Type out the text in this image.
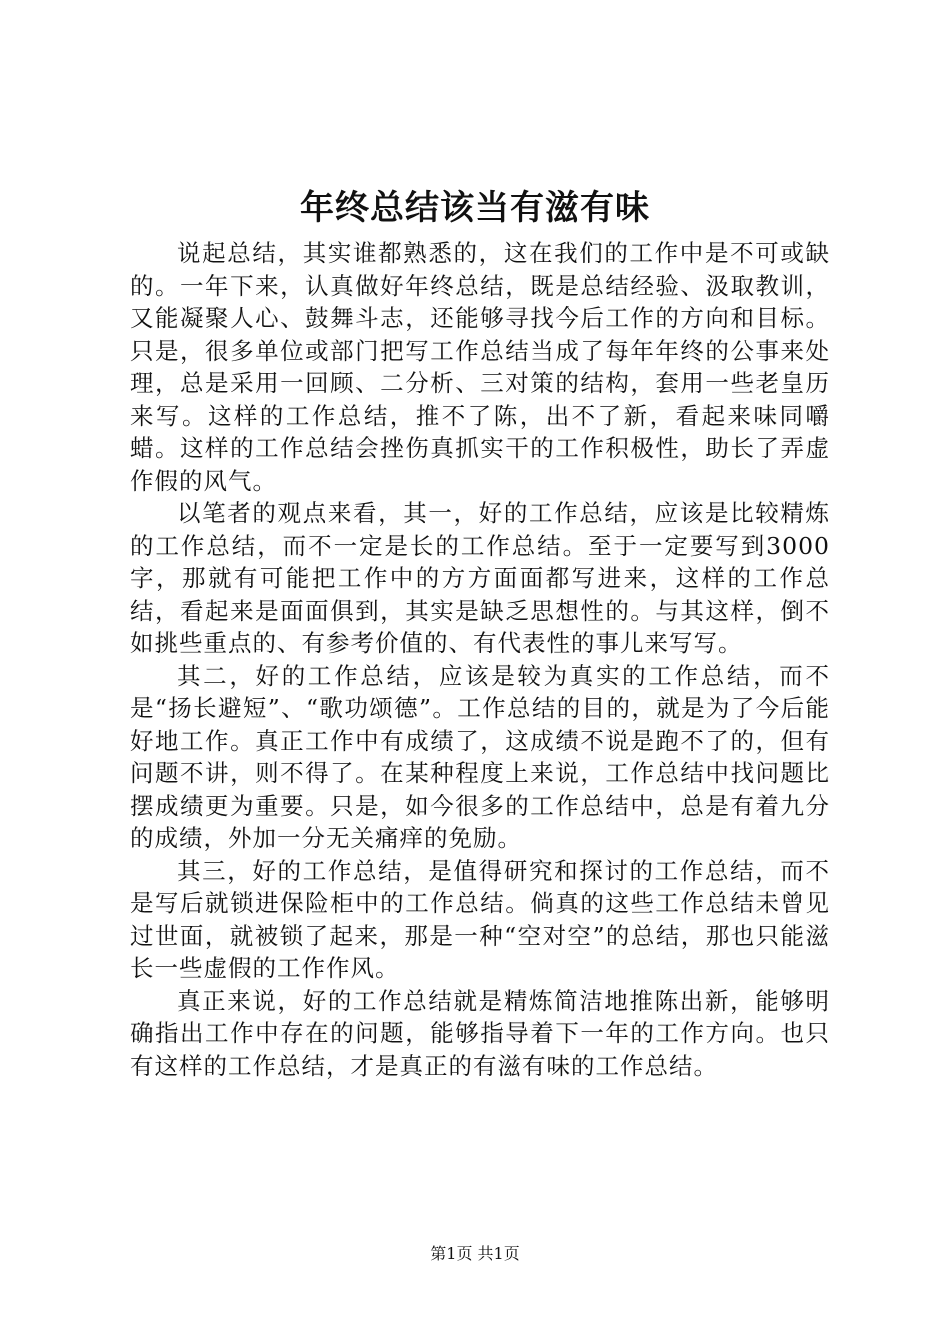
年终总结该当有滋有味

说起总结，其实谁都熟悉的，这在我们的工作中是不可或缺的。一年下来，认真做好年终总结，既是总结经验、汲取教训，又能凝聚人心、鼓舞斗志，还能够寻找今后工作的方向和目标。只是，很多单位或部门把写工作总结当成了每年年终的公事来处理，总是采用一回顾、二分析、三对策的结构，套用一些老皇历来写。这样的工作总结，推不了陈，出不了新，看起来味同嚼蜡。这样的工作总结会挫伤真抓实干的工作积极性，助长了弄虚作假的风气。

以笔者的观点来看，其一，好的工作总结，应该是比较精炼的工作总结，而不一定是长的工作总结。至于一定要写到3000字，那就有可能把工作中的方方面面都写进来，这样的工作总结，看起来是面面俱到，其实是缺乏思想性的。与其这样，倒不如挑些重点的、有参考价值的、有代表性的事儿来写写。

其二，好的工作总结，应该是较为真实的工作总结，而不是“扬长避短”、“歌功颂德”。工作总结的目的，就是为了今后能好地工作。真正工作中有成绩了，这成绩不说是跑不了的，但有问题不讲，则不得了。在某种程度上来说，工作总结中找问题比摆成绩更为重要。只是，如今很多的工作总结中，总是有着九分的成绩，外加一分无关痛痒的免励。

其三，好的工作总结，是值得研究和探讨的工作总结，而不是写后就锁进保险柜中的工作总结。倘真的这些工作总结未曾见过世面，就被锁了起来，那是一种“空对空”的总结，那也只能滋长一些虚假的工作作风。

真正来说，好的工作总结就是精炼简洁地推陈出新，能够明确指出工作中存在的问题，能够指导着下一年的工作方向。也只有这样的工作总结，才是真正的有滋有味的工作总结。

第1页 共1页
